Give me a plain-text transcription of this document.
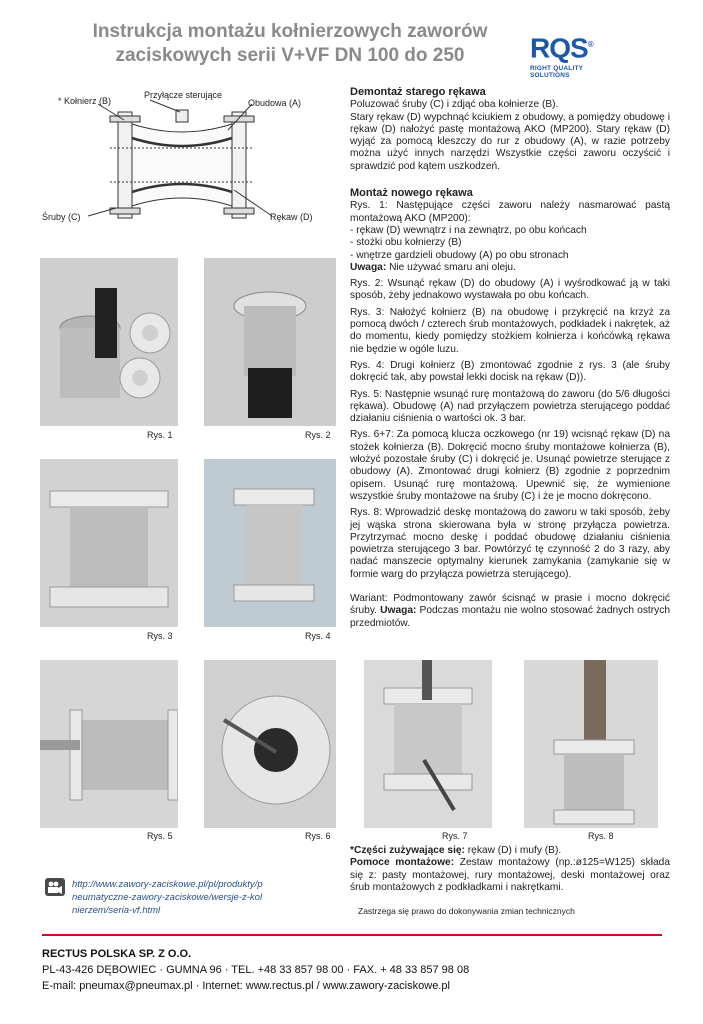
Instrukcja montażu kołnierzowych zaworów
zaciskowych serii V+VF DN 100 do 250	RQS®
RIGHT QUALITY SOLUTIONS
* Kołnierz (B)
Przyłącze sterujące
Obudowa (A)
Śruby (C)	Rękaw (D)
Rys. 1	Rys. 2
Rys. 3	Rys. 4
Rys. 5	Rys. 6	Rys. 7	Rys. 8
Demontaż starego rękawa
Poluzować śruby (C) i zdjąć oba kołnierze (B).
Stary rękaw (D) wypchnąć kciukiem z obudowy, a pomiędzy obudowę i rękaw (D) nałożyć pastę montażową AKO (MP200). Stary rękaw (D) wyjąć za pomocą kleszczy do rur z obudowy (A), w razie potrzeby można użyć innych narzędzi Wszystkie części zaworu oczyścić i sprawdzić pod kątem uszkodzeń.
Montaż nowego rękawa
Rys. 1: Następujące części zaworu należy nasmarować pastą montażową AKO (MP200):
- rękaw (D) wewnątrz i na zewnątrz, po obu końcach
- stożki obu kołnierzy (B)
- wnętrze gardzieli obudowy (A) po obu stronach
Uwaga: Nie używać smaru ani oleju.
Rys. 2: Wsunąć rękaw (D) do obudowy (A) i wyśrodkować ją w taki sposób, żeby jednakowo wystawała po obu końcach.
Rys. 3: Nałożyć kołnierz (B) na obudowę i przykręcić na krzyż za pomocą dwóch / czterech śrub montażowych, podkładek i nakrętek, aż do momentu, kiedy pomiędzy stożkiem kołnierza i końcówką rękawa nie będzie w ogóle luzu.
Rys. 4: Drugi kołnierz (B) zmontować zgodnie z rys. 3 (ale śruby dokręcić tak, aby powstał lekki docisk na rękaw (D)).
Rys. 5: Następnie wsunąć rurę montażową do zaworu (do 5/6 długości rękawa). Obudowę (A) nad przyłączem powietrza sterującego poddać działaniu ciśnienia o wartości ok. 3 bar.
Rys. 6+7: Za pomocą klucza oczkowego (nr 19) wcisnąć rękaw (D) na stożek kołnierza (B). Dokręcić mocno śruby montażowe kołnierza (B), włożyć pozostałe śruby (C) i dokręcić je. Usunąć powietrze sterujące z obudowy (A). Zmontować drugi kołnierz (B) zgodnie z poprzednim opisem. Usunąć rurę montażową. Upewnić się, że wymienione wszystkie śruby montażowe na śruby (C) i że je mocno dokręcono.
Rys. 8: Wprowadzić deskę montażową do zaworu w taki sposób, żeby jej wąska strona skierowana była w stronę przyłącza powietrza. Przytrzymać mocno deskę i poddać obudowę działaniu ciśnienia powietrza sterującego 3 bar. Powtórzyć tę czynność 2 do 3 razy, aby nadać manszecie optymalny kierunek zamykania (zamykanie się w formie warg do przyłącza powietrza sterującego).
Wariant: Podmontowany zawór ścisnąć w prasie i mocno dokręcić śruby. Uwaga: Podczas montażu nie wolno stosować żadnych ostrych przedmiotów.
*Części zużywające się: rękaw (D) i mufy (B).
Pomoce montażowe: Zestaw montażowy (np.:ø125=W125) składa się z: pasty montażowej, rury montażowej, deski montażowej oraz śrub montażowych z podkładkami i nakrętkami.
Zastrzega się prawo do dokonywania zmian technicznych
http://www.zawory-zaciskowe.pl/pl/produkty/p
neumatyczne-zawory-zaciskowe/wersje-z-kol
nierzem/seria-vf.html
RECTUS POLSKA SP. Z O.O.
PL-43-426 DĘBOWIEC · GUMNA 96 · TEL. +48 33 857 98 00 · FAX. + 48 33 857 98 08
E-mail: pneumax@pneumax.pl · Internet: www.rectus.pl / www.zawory-zaciskowe.pl
